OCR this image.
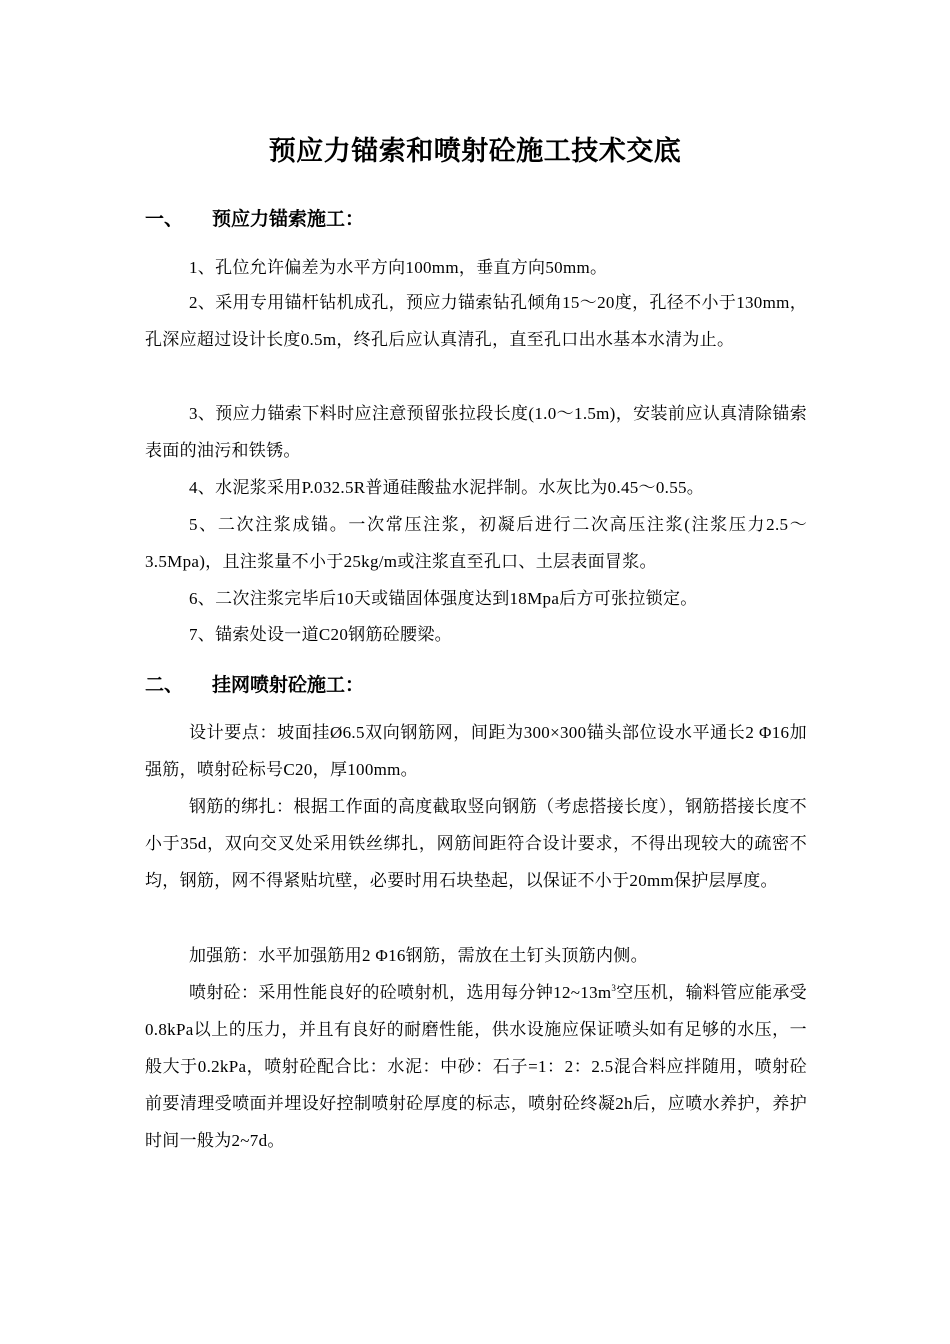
预应力锚索和喷射砼施工技术交底
一、 预应力锚索施工：
1、孔位允许偏差为水平方向100mm，垂直方向50mm。
2、采用专用锚杆钻机成孔，预应力锚索钻孔倾角15～20度，孔径不小于130mm，孔深应超过设计长度0.5m，终孔后应认真清孔，直至孔口出水基本水清为止。
3、预应力锚索下料时应注意预留张拉段长度(1.0～1.5m)，安装前应认真清除锚索表面的油污和铁锈。
4、水泥浆采用P.032.5R普通硅酸盐水泥拌制。水灰比为0.45～0.55。
5、二次注浆成锚。一次常压注浆，初凝后进行二次高压注浆(注浆压力2.5～3.5Mpa)，且注浆量不小于25kg/m或注浆直至孔口、土层表面冒浆。
6、二次注浆完毕后10天或锚固体强度达到18Mpa后方可张拉锁定。
7、锚索处设一道C20钢筋砼腰梁。
二、 挂网喷射砼施工：
设计要点：坡面挂Ø6.5双向钢筋网，间距为300×300锚头部位设水平通长2 Φ16加强筋，喷射砼标号C20，厚100mm。
钢筋的绑扎：根据工作面的高度截取竖向钢筋（考虑搭接长度），钢筋搭接长度不小于35d，双向交叉处采用铁丝绑扎，网筋间距符合设计要求，不得出现较大的疏密不均，钢筋，网不得紧贴坑壁，必要时用石块垫起，以保证不小于20mm保护层厚度。
加强筋：水平加强筋用2 Φ16钢筋，需放在土钉头顶筋内侧。
喷射砼：采用性能良好的砼喷射机，选用每分钟$12\sim 13m^3$空压机，输料管应能承受0.8kPa以上的压力，并且有良好的耐磨性能，供水设施应保证喷头如有足够的水压，一般大于0.2kPa，喷射砼配合比：水泥：中砂：石子=1：2：2.5混合料应拌随用，喷射砼前要清理受喷面并埋设好控制喷射砼厚度的标志，喷射砼终凝2h后，应喷水养护，养护时间一般为2~7d。
